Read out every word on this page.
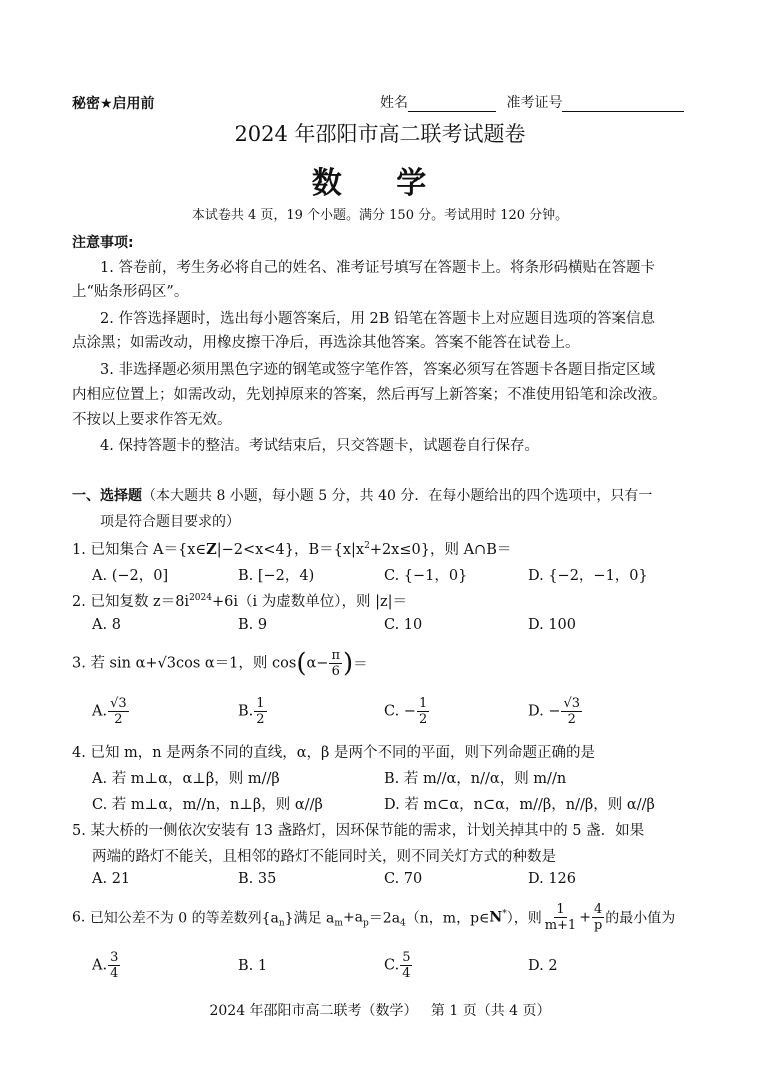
秘密★启用前	姓名	准考证号
2024 年邵阳市高二联考试题卷
数 学
本试卷共 4 页，19 个小题。满分 150 分。考试用时 120 分钟。
注意事项:
1. 答卷前，考生务必将自己的姓名、准考证号填写在答题卡上。将条形码横贴在答题卡
上“贴条形码区”。
2. 作答选择题时，选出每小题答案后，用 2B 铅笔在答题卡上对应题目选项的答案信息
点涂黑；如需改动，用橡皮擦干净后，再选涂其他答案。答案不能答在试卷上。
3. 非选择题必须用黑色字迹的钢笔或签字笔作答，答案必须写在答题卡各题目指定区域
内相应位置上；如需改动，先划掉原来的答案，然后再写上新答案；不准使用铅笔和涂改液。
不按以上要求作答无效。
4. 保持答题卡的整洁。考试结束后，只交答题卡，试题卷自行保存。
一、选择题（本大题共 8 小题，每小题 5 分，共 40 分．在每小题给出的四个选项中，只有一
项是符合题目要求的）
1. 已知集合 A＝{x∈Z|−2<x<4}，$B=\{x|x^2+2x\le 0\}$，则 A∩B＝
A. (−2，0]	B. [−2，4)	C. {−1，0}	D. {−2，−1，0}
2. 已知复数 $z=8i^{2024}+6i(i$ 为虚数单位），则 |z|＝
A. 8	B. 9	C. 10	D. 100
3. 若 sin α+√3cos α＝1，则 $\cos(\alpha- \frac{\pi}{6}$ )＝
A. $\frac{√3}{2}$	B. $\frac{1}{2}$	C. − $\frac{1}{2}$	D. − $\frac{√3}{2}$
4. 已知 m，n 是两条不同的直线，α，β 是两个不同的平面，则下列命题正确的是
A. 若 m⊥α，α⊥β，则 m//β	B. 若 m//α，n//α，则 m//n
C. 若 m⊥α，m//n，n⊥β，则 α//β	D. 若 m⊂α，n⊂α，m//β，n//β，则 α//β
5. 某大桥的一侧依次安装有 13 盏路灯，因环保节能的需求，计划关掉其中的 5 盏．如果
两端的路灯不能关，且相邻的路灯不能同时关，则不同关灯方式的种数是
A. 21	B. 35	C. 70	D. 126
6. 已知公差不为 0 的等差数列$\{a_n\}$满足 $a_m+a_p=2a_4(n$，m，p∈N*），则 $\frac{1}{m+1} + \frac{4}{p}$ 的最小值为
A. $\frac{3}{4}$	B. 1	C. $\frac{5}{4}$	D. 2
2024 年邵阳市高二联考（数学）   第 1 页（共 4 页）
